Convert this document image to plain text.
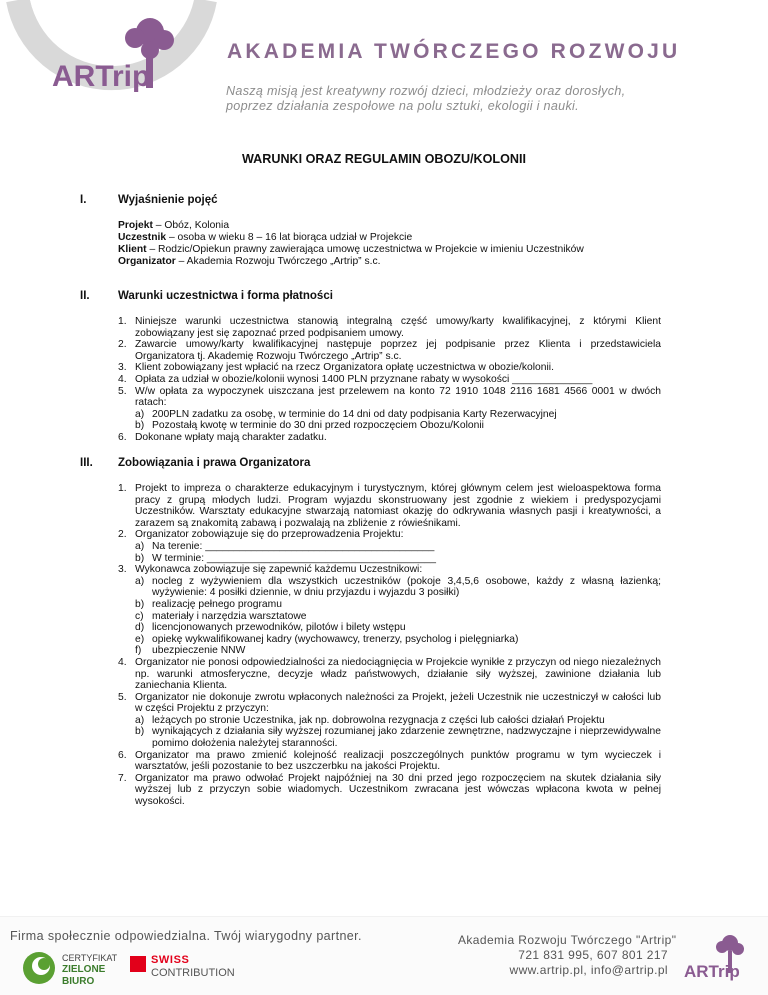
ARTrip
AKADEMIA TWÓRCZEGO ROZWOJU
Naszą misją jest kreatywny rozwój dzieci, młodzieży oraz dorosłych,
poprzez działania zespołowe na polu sztuki, ekologii i nauki.
WARUNKI ORAZ REGULAMIN OBOZU/KOLONII
I.	Wyjaśnienie pojęć
Projekt – Obóz, Kolonia
Uczestnik – osoba w wieku 8 – 16 lat biorąca udział w Projekcie
Klient – Rodzic/Opiekun prawny zawierająca umowę uczestnictwa w Projekcie w imieniu Uczestników
Organizator – Akademia Rozwoju Twórczego „Artrip” s.c.
II. Warunki uczestnictwa i forma płatności
1. Niniejsze warunki uczestnictwa stanowią integralną część umowy/karty kwalifikacyjnej, z którymi Klient zobowiązany jest się zapoznać przed podpisaniem umowy.
2. Zawarcie umowy/karty kwalifikacyjnej następuje poprzez jej podpisanie przez Klienta i przedstawiciela Organizatora tj. Akademię Rozwoju Twórczego „Artrip” s.c.
3. Klient zobowiązany jest wpłacić na rzecz Organizatora opłatę uczestnictwa w obozie/kolonii.
4. Opłata za udział w obozie/kolonii wynosi 1400 PLN przyznane rabaty w wysokości ______________
5. W/w opłata za wypoczynek uiszczana jest przelewem na konto 72 1910 1048 2116 1681 4566 0001 w dwóch ratach:
a) 200PLN zadatku za osobę, w terminie do 14 dni od daty podpisania Karty Rezerwacyjnej
b) Pozostałą kwotę w terminie do 30 dni przed rozpoczęciem Obozu/Kolonii
6. Dokonane wpłaty mają charakter zadatku.
III. Zobowiązania i prawa Organizatora
1. Projekt to impreza o charakterze edukacyjnym i turystycznym, której głównym celem jest wieloaspektowa forma pracy z grupą młodych ludzi. Program wyjazdu skonstruowany jest zgodnie z wiekiem i predyspozycjami Uczestników. Warsztaty edukacyjne stwarzają natomiast okazję do odkrywania własnych pasji i kreatywności, a zarazem są znakomitą zabawą i pozwalają na zbliżenie z rówieśnikami.
2. Organizator zobowiązuje się do przeprowadzenia Projektu:
a) Na terenie: ________________________________________
b) W terminie: ________________________________________
3. Wykonawca zobowiązuje się zapewnić każdemu Uczestnikowi:
a) nocleg z wyżywieniem dla wszystkich uczestników (pokoje 3,4,5,6 osobowe, każdy z własną łazienką; wyżywienie: 4 posiłki dziennie, w dniu przyjazdu i wyjazdu 3 posiłki)
b) realizację pełnego programu
c) materiały i narzędzia warsztatowe
d) licencjonowanych przewodników, pilotów i bilety wstępu
e) opiekę wykwalifikowanej kadry (wychowawcy, trenerzy, psycholog i pielęgniarka)
f) ubezpieczenie NNW
4. Organizator nie ponosi odpowiedzialności za niedociągnięcia w Projekcie wynikłe z przyczyn od niego niezależnych np. warunki atmosferyczne, decyzje władz państwowych, działanie siły wyższej, zawinione działania lub zaniechania Klienta.
5. Organizator nie dokonuje zwrotu wpłaconych należności za Projekt, jeżeli Uczestnik nie uczestniczył w całości lub w części Projektu z przyczyn:
a) leżących po stronie Uczestnika, jak np. dobrowolna rezygnacja z części lub całości działań Projektu
b) wynikających z działania siły wyższej rozumianej jako zdarzenie zewnętrzne, nadzwyczajne i nieprzewidywalne pomimo dołożenia należytej staranności.
6. Organizator ma prawo zmienić kolejność realizacji poszczególnych punktów programu w tym wycieczek i warsztatów, jeśli pozostanie to bez uszczerbku na jakości Projektu.
7. Organizator ma prawo odwołać Projekt najpóźniej na 30 dni przed jego rozpoczęciem na skutek działania siły wyższej lub z przyczyn sobie wiadomych. Uczestnikom zwracana jest wówczas wpłacona kwota w pełnej wysokości.
Firma społecznie odpowiedzialna. Twój wiarygodny partner.
CERTYFIKAT
ZIELONE
BIURO
SWISS
CONTRIBUTION
Akademia Rozwoju Twórczego "Artrip"
721 831 995, 607 801 217
www.artrip.pl, info@artrip.pl ARTrip
